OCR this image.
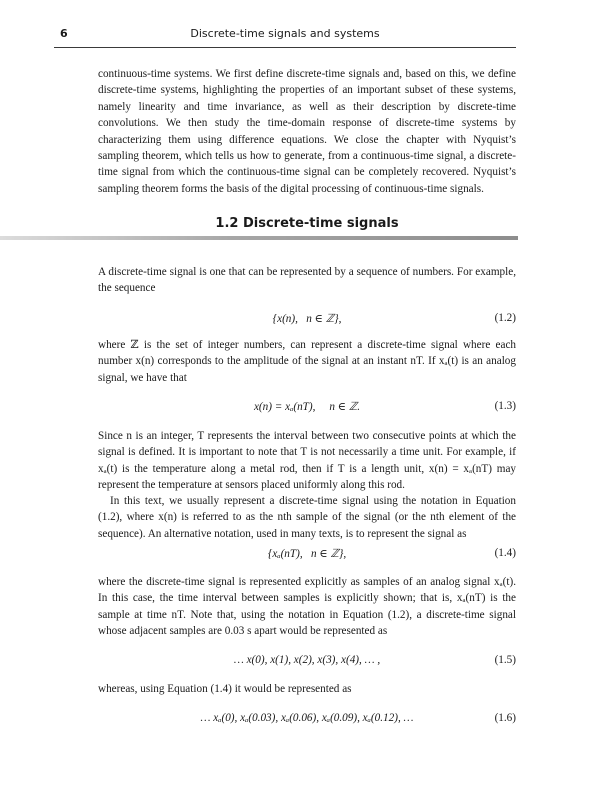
6	Discrete-time signals and systems

continuous-time systems. We first define discrete-time signals and, based on this, we define discrete-time systems, highlighting the properties of an important subset of these systems, namely linearity and time invariance, as well as their description by discrete-time convolutions. We then study the time-domain response of discrete-time systems by characterizing them using difference equations. We close the chapter with Nyquist’s sampling theorem, which tells us how to generate, from a continuous-time signal, a discrete-time signal from which the continuous-time signal can be completely recovered. Nyquist’s sampling theorem forms the basis of the digital processing of continuous-time signals.

1.2 Discrete-time signals

A discrete-time signal is one that can be represented by a sequence of numbers. For example, the sequence

{x(n),   n ∈ ℤ},	(1.2)

where ℤ is the set of integer numbers, can represent a discrete-time signal where each number x(n) corresponds to the amplitude of the signal at an instant nT. If xₐ(t) is an analog signal, we have that

x(n) = xₐ(nT),     n ∈ ℤ.	(1.3)

Since n is an integer, T represents the interval between two consecutive points at which the signal is defined. It is important to note that T is not necessarily a time unit. For example, if xₐ(t) is the temperature along a metal rod, then if T is a length unit, x(n) = xₐ(nT) may represent the temperature at sensors placed uniformly along this rod.

In this text, we usually represent a discrete-time signal using the notation in Equation (1.2), where x(n) is referred to as the nth sample of the signal (or the nth element of the sequence). An alternative notation, used in many texts, is to represent the signal as

{xₐ(nT),   n ∈ ℤ},	(1.4)

where the discrete-time signal is represented explicitly as samples of an analog signal xₐ(t). In this case, the time interval between samples is explicitly shown; that is, xₐ(nT) is the sample at time nT. Note that, using the notation in Equation (1.2), a discrete-time signal whose adjacent samples are 0.03 s apart would be represented as

… x(0), x(1), x(2), x(3), x(4), … ,	(1.5)

whereas, using Equation (1.4) it would be represented as

… xₐ(0), xₐ(0.03), xₐ(0.06), xₐ(0.09), xₐ(0.12), …	(1.6)
